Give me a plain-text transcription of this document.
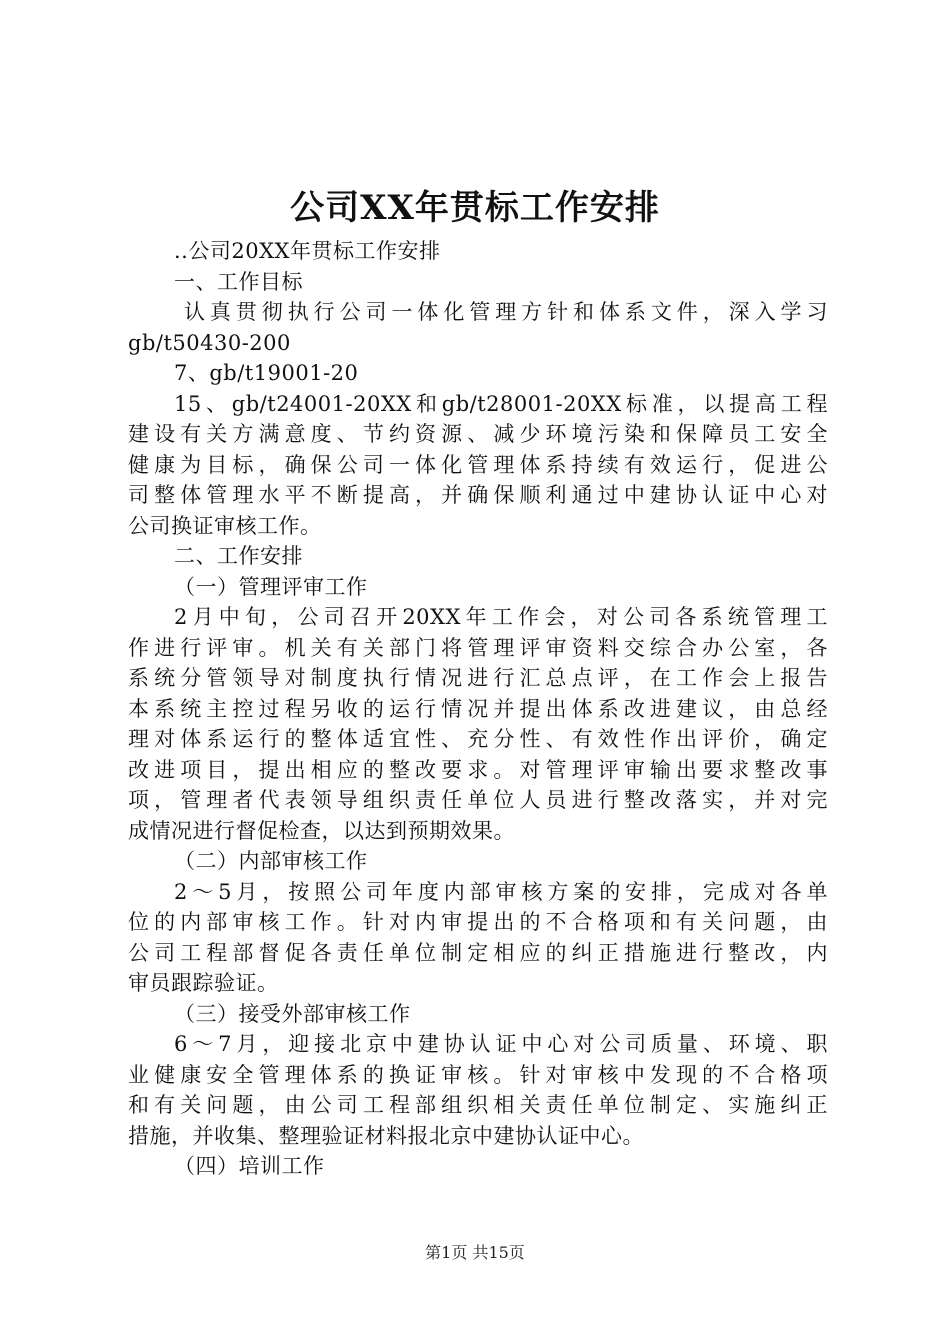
公司XX年贯标工作安排
..公司20XX年贯标工作安排
一、工作目标
认真贯彻执行公司一体化管理方针和体系文件，深入学习
gb/t50430-200
7、gb/t19001-20
15、gb/t24001-20XX和gb/t28001-20XX标准，以提高工程
建设有关方满意度、节约资源、减少环境污染和保障员工安全
健康为目标，确保公司一体化管理体系持续有效运行，促进公
司整体管理水平不断提高，并确保顺利通过中建协认证中心对
公司换证审核工作。
二、工作安排
（一）管理评审工作
2月中旬，公司召开20XX年工作会，对公司各系统管理工
作进行评审。机关有关部门将管理评审资料交综合办公室，各
系统分管领导对制度执行情况进行汇总点评，在工作会上报告
本系统主控过程另收的运行情况并提出体系改进建议，由总经
理对体系运行的整体适宜性、充分性、有效性作出评价，确定
改进项目，提出相应的整改要求。对管理评审输出要求整改事
项，管理者代表领导组织责任单位人员进行整改落实，并对完
成情况进行督促检查，以达到预期效果。
（二）内部审核工作
2～5月，按照公司年度内部审核方案的安排，完成对各单
位的内部审核工作。针对内审提出的不合格项和有关问题，由
公司工程部督促各责任单位制定相应的纠正措施进行整改，内
审员跟踪验证。
（三）接受外部审核工作
6～7月，迎接北京中建协认证中心对公司质量、环境、职
业健康安全管理体系的换证审核。针对审核中发现的不合格项
和有关问题，由公司工程部组织相关责任单位制定、实施纠正
措施，并收集、整理验证材料报北京中建协认证中心。
（四）培训工作
第1页 共15页
